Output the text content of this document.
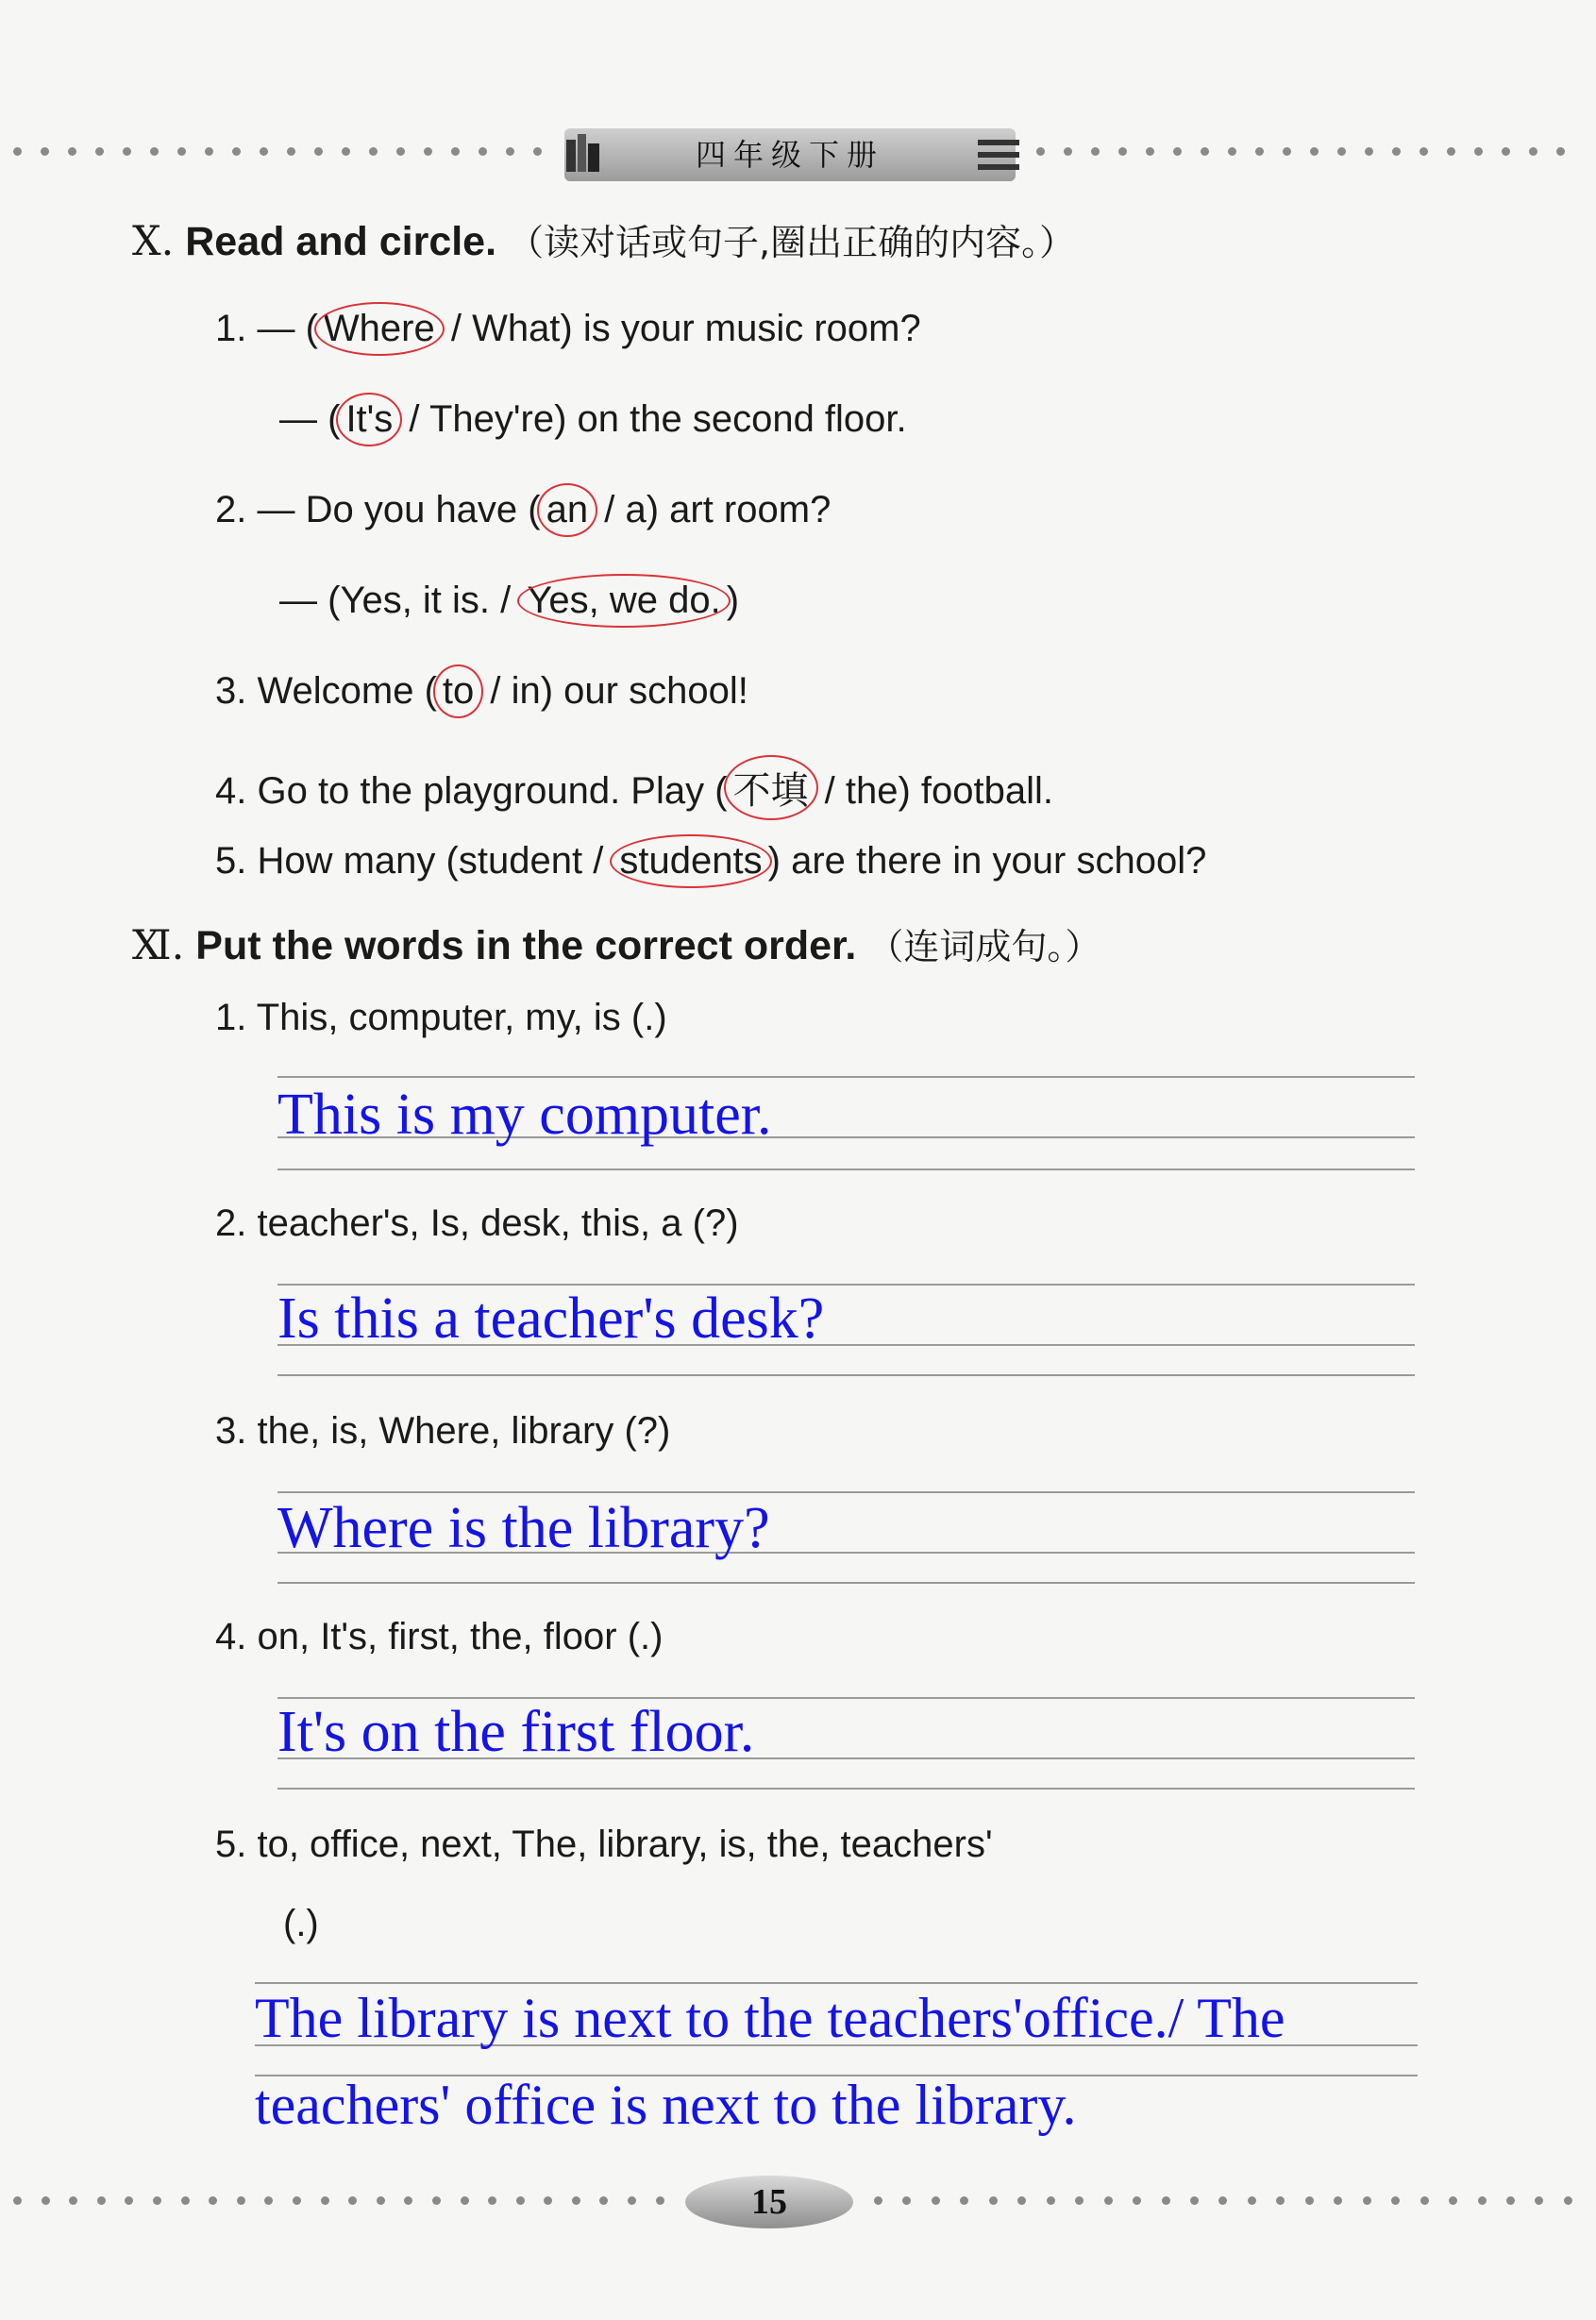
四年级下册
Ⅹ. Read and circle. （读对话或句子,圈出正确的内容。）
1. — ( Where / What) is your music room?
— ( It's / They're) on the second floor.
2. — Do you have ( an / a) art room?
— (Yes, it is. / Yes, we do. )
3. Welcome ( to / in) our school!
4. Go to the playground. Play ( 不填 / the) football.
5. How many (student / students ) are there in your school?
Ⅺ. Put the words in the correct order. （连词成句。）
1. This, computer, my, is (.)
This is my computer.
2. teacher's, Is, desk, this, a (?)
Is this a teacher's desk?
3. the, is, Where, library (?)
Where is the library?
4. on, It's, first, the, floor (.)
It's on the first floor.
5. to, office, next, The, library, is, the, teachers'
(.)
The library is next to the teachers'office./ The
teachers' office is next to the library.
15
